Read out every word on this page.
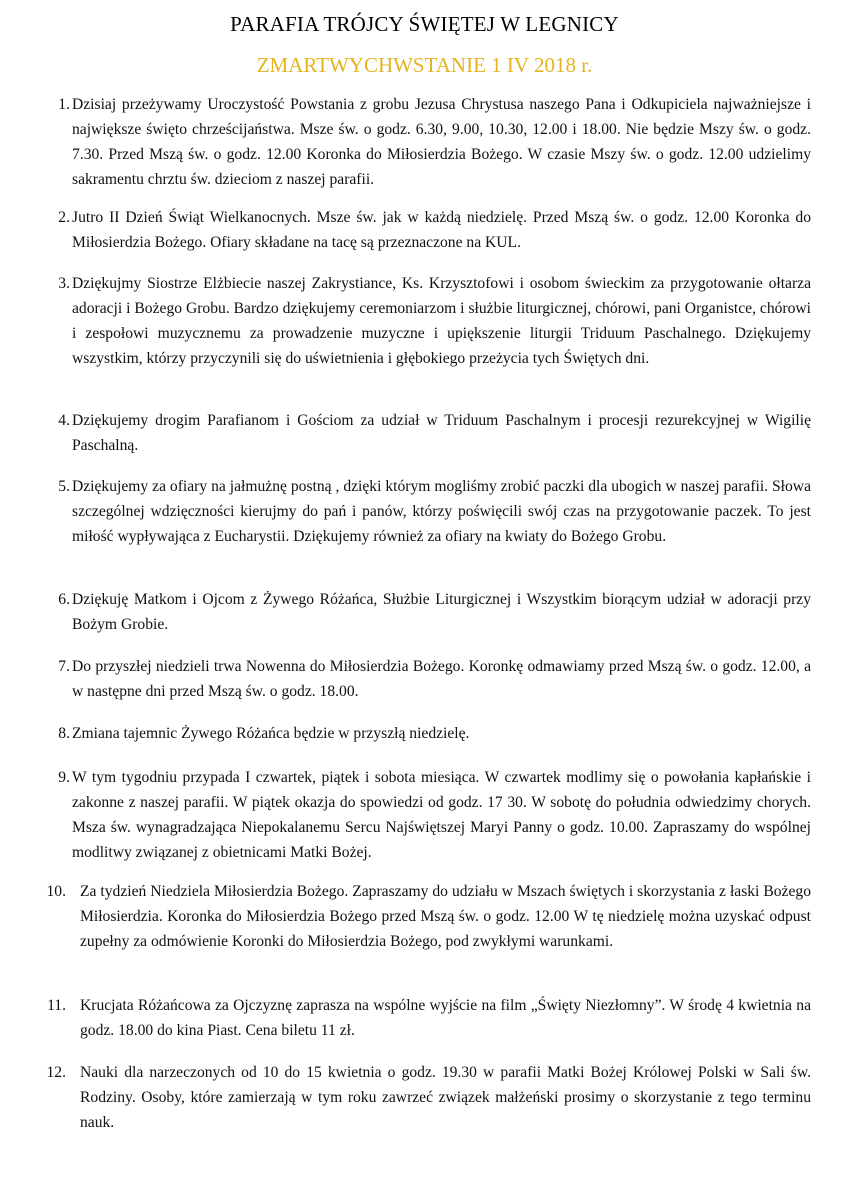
PARAFIA TRÓJCY ŚWIĘTEJ W LEGNICY
ZMARTWYCHWSTANIE 1 IV 2018 r.
1. Dzisiaj przeżywamy Uroczystość Powstania z grobu Jezusa Chrystusa naszego Pana i Odkupiciela najważniejsze i największe święto chrześcijaństwa. Msze św. o godz. 6.30, 9.00, 10.30, 12.00 i 18.00. Nie będzie Mszy św. o godz. 7.30. Przed Mszą św. o godz. 12.00 Koronka do Miłosierdzia Bożego. W czasie Mszy św. o godz. 12.00 udzielimy sakramentu chrztu św. dzieciom z naszej parafii.
2. Jutro II Dzień Świąt Wielkanocnych. Msze św. jak w każdą niedzielę. Przed Mszą św. o godz. 12.00 Koronka do Miłosierdzia Bożego. Ofiary składane na tacę są przeznaczone na KUL.
3. Dziękujmy Siostrze Elżbiecie naszej Zakrystiance, Ks. Krzysztofowi i osobom świeckim za przygotowanie ołtarza adoracji i Bożego Grobu. Bardzo dziękujemy ceremoniarzom i służbie liturgicznej, chórowi, pani Organistce, chórowi i zespołowi muzycznemu za prowadzenie muzyczne i upiększenie liturgii Triduum Paschalnego. Dziękujemy wszystkim, którzy przyczynili się do uświetnienia i głębokiego przeżycia tych Świętych dni.
4. Dziękujemy drogim Parafianom i Gościom za udział w Triduum Paschalnym i procesji rezurekcyjnej w Wigilię Paschalną.
5. Dziękujemy za ofiary na jałmużnę postną , dzięki którym mogliśmy zrobić paczki dla ubogich w naszej parafii. Słowa szczególnej wdzięczności kierujmy do pań i panów, którzy poświęcili swój czas na przygotowanie paczek. To jest miłość wypływająca z Eucharystii. Dziękujemy również za ofiary na kwiaty do Bożego Grobu.
6. Dziękuję Matkom i Ojcom z Żywego Różańca, Służbie Liturgicznej i Wszystkim biorącym udział w adoracji przy Bożym Grobie.
7. Do przyszłej niedzieli trwa Nowenna do Miłosierdzia Bożego. Koronkę odmawiamy przed Mszą św. o godz. 12.00, a w następne dni przed Mszą św. o godz. 18.00.
8. Zmiana tajemnic Żywego Różańca będzie w przyszłą niedzielę.
9. W tym tygodniu przypada I czwartek, piątek i sobota miesiąca. W czwartek modlimy się o powołania kapłańskie i zakonne z naszej parafii. W piątek okazja do spowiedzi od godz. 17 30. W sobotę do południa odwiedzimy chorych. Msza św. wynagradzająca Niepokalanemu Sercu Najświętszej Maryi Panny o godz. 10.00. Zapraszamy do wspólnej modlitwy związanej z obietnicami Matki Bożej.
10. Za tydzień Niedziela Miłosierdzia Bożego. Zapraszamy do udziału w Mszach świętych i skorzystania z łaski Bożego Miłosierdzia. Koronka do Miłosierdzia Bożego przed Mszą św. o godz. 12.00 W tę niedzielę można uzyskać odpust zupełny za odmówienie Koronki do Miłosierdzia Bożego, pod zwykłymi warunkami.
11. Krucjata Różańcowa za Ojczyznę zaprasza na wspólne wyjście na film „Święty Niezłomny”. W środę 4 kwietnia na godz. 18.00 do kina Piast. Cena biletu 11 zł.
12. Nauki dla narzeczonych od 10 do 15 kwietnia o godz. 19.30 w parafii Matki Bożej Królowej Polski w Sali św. Rodziny. Osoby, które zamierzają w tym roku zawrzeć związek małżeński prosimy o skorzystanie z tego terminu nauk.
